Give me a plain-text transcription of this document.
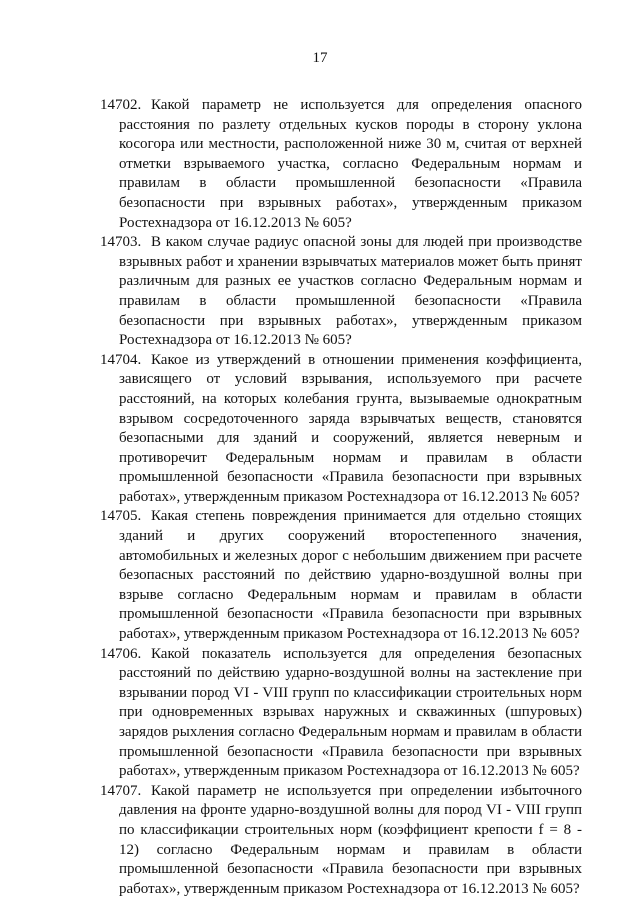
17

14702. Какой параметр не используется для определения опасного расстояния по разлету отдельных кусков породы в сторону уклона косогора или местности, расположенной ниже 30 м, считая от верхней отметки взрываемого участка, согласно Федеральным нормам и правилам в области промышленной безопасности «Правила безопасности при взрывных работах», утвержденным приказом Ростехнадзора от 16.12.2013 № 605?

14703. В каком случае радиус опасной зоны для людей при производстве взрывных работ и хранении взрывчатых материалов может быть принят различным для разных ее участков согласно Федеральным нормам и правилам в области промышленной безопасности «Правила безопасности при взрывных работах», утвержденным приказом Ростехнадзора от 16.12.2013 № 605?

14704. Какое из утверждений в отношении применения коэффициента, зависящего от условий взрывания, используемого при расчете расстояний, на которых колебания грунта, вызываемые однократным взрывом сосредоточенного заряда взрывчатых веществ, становятся безопасными для зданий и сооружений, является неверным и противоречит Федеральным нормам и правилам в области промышленной безопасности «Правила безопасности при взрывных работах», утвержденным приказом Ростехнадзора от 16.12.2013 № 605?

14705. Какая степень повреждения принимается для отдельно стоящих зданий и других сооружений второстепенного значения, автомобильных и железных дорог с небольшим движением при расчете безопасных расстояний по действию ударно-воздушной волны при взрыве согласно Федеральным нормам и правилам в области промышленной безопасности «Правила безопасности при взрывных работах», утвержденным приказом Ростехнадзора от 16.12.2013 № 605?

14706. Какой показатель используется для определения безопасных расстояний по действию ударно-воздушной волны на застекление при взрывании пород VI - VIII групп по классификации строительных норм при одновременных взрывах наружных и скважинных (шпуровых) зарядов рыхления согласно Федеральным нормам и правилам в области промышленной безопасности «Правила безопасности при взрывных работах», утвержденным приказом Ростехнадзора от 16.12.2013 № 605?

14707. Какой параметр не используется при определении избыточного давления на фронте ударно-воздушной волны для пород VI - VIII групп по классификации строительных норм (коэффициент крепости f = 8 - 12) согласно Федеральным нормам и правилам в области промышленной безопасности «Правила безопасности при взрывных работах», утвержденным приказом Ростехнадзора от 16.12.2013 № 605?
